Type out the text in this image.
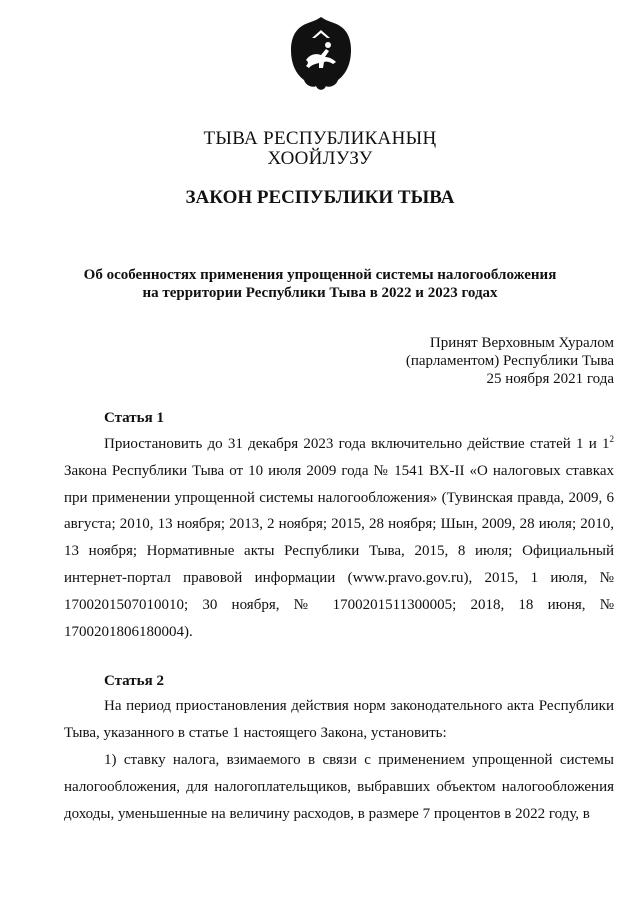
ТЫВА РЕСПУБЛИКАНЫҢ
ХООЙЛУЗУ
ЗАКОН РЕСПУБЛИКИ ТЫВА
Об особенностях применения упрощенной системы налогообложения
на территории Республики Тыва в 2022 и 2023 годах
Принят Верховным Хуралом
(парламентом) Республики Тыва
25 ноября 2021 года
Статья 1
Приостановить до 31 декабря 2023 года включительно действие статей 1 и $1^2$ Закона Республики Тыва от 10 июля 2009 года № 1541 ВХ-II «О налоговых ставках при применении упрощенной системы налогообложения» (Тувинская правда, 2009, 6 августа; 2010, 13 ноября; 2013, 2 ноября; 2015, 28 ноября; Шын, 2009, 28 июля; 2010, 13 ноября; Нормативные акты Республики Тыва, 2015, 8 июля; Официальный интернет-портал правовой информации (www.pravo.gov.ru), 2015, 1 июля, № 1700201507010010; 30 ноября, № 1700201511300005; 2018, 18 июня, № 1700201806180004).
Статья 2
На период приостановления действия норм законодательного акта Республики Тыва, указанного в статье 1 настоящего Закона, установить:
1) ставку налога, взимаемого в связи с применением упрощенной системы налогообложения, для налогоплательщиков, выбравших объектом налогообложения доходы, уменьшенные на величину расходов, в размере 7 процентов в 2022 году, в
